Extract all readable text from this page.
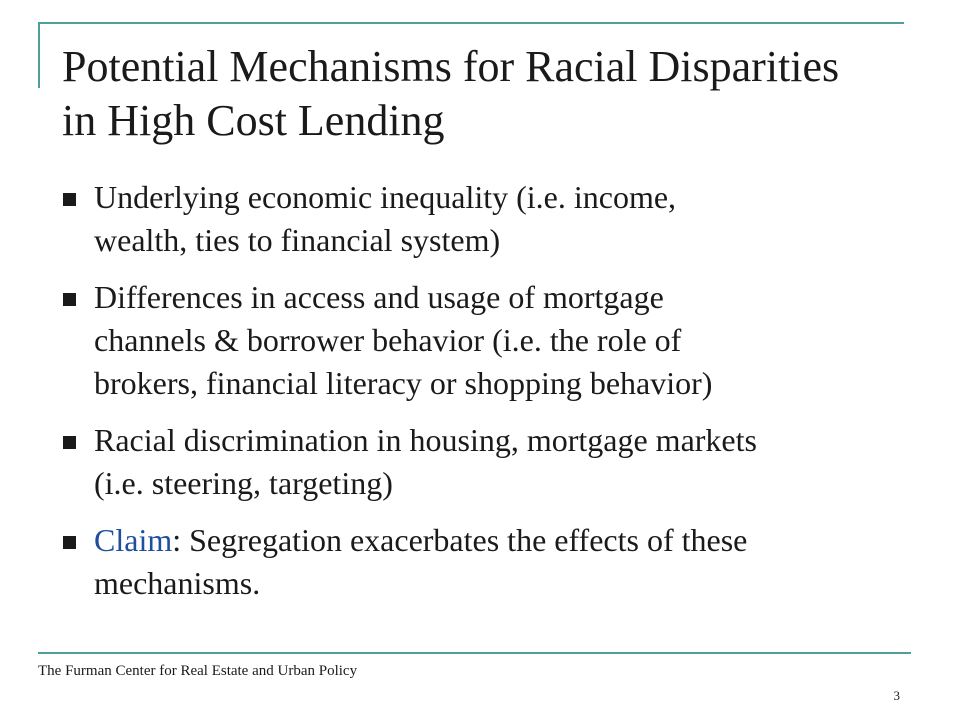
Potential Mechanisms for Racial Disparities
in High Cost Lending
Underlying economic inequality (i.e. income,
wealth, ties to financial system)
Differences in access and usage of mortgage
channels & borrower behavior (i.e. the role of
brokers, financial literacy or shopping behavior)
Racial discrimination in housing, mortgage markets
(i.e. steering, targeting)
Claim: Segregation exacerbates the effects of these
mechanisms.
The Furman Center for Real Estate and Urban Policy
3
